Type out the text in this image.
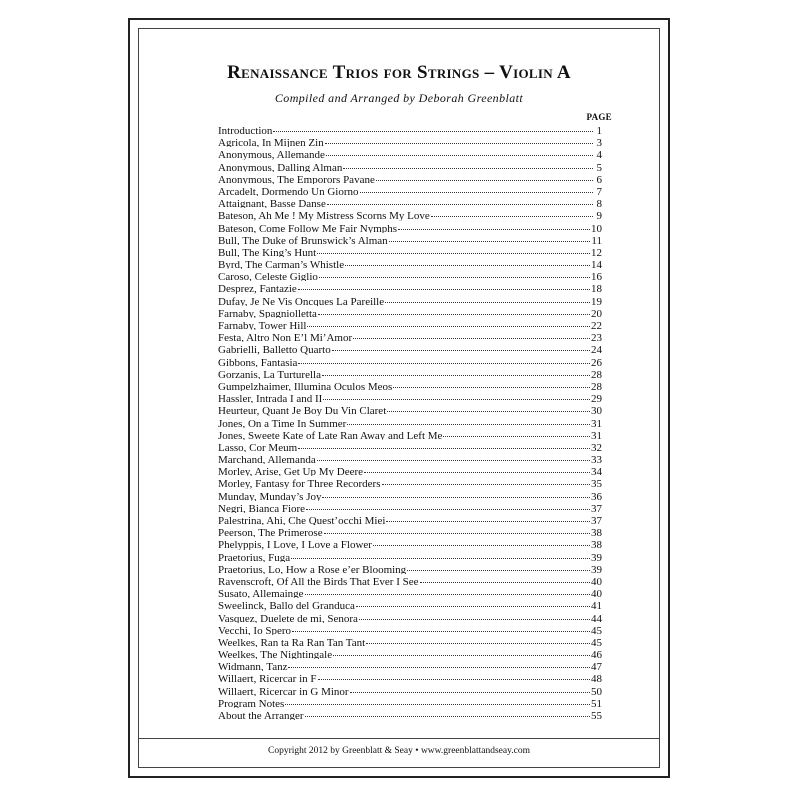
Renaissance Trios for Strings – Violin A
Compiled and Arranged by Deborah Greenblatt
PAGE
Introduction	1
Agricola, In Mijnen Zin	3
Anonymous, Allemande	4
Anonymous, Dalling Alman	5
Anonymous, The Emporors Pavane	6
Arcadelt, Dormendo Un Giorno	7
Attaignant, Basse Danse	8
Bateson, Ah Me ! My Mistress Scorns My Love	9
Bateson, Come Follow Me Fair Nymphs	10
Bull, The Duke of Brunswick’s Alman	11
Bull, The King’s Hunt	12
Byrd, The Carman’s Whistle	14
Caroso, Celeste Giglio	16
Desprez, Fantazie	18
Dufay, Je Ne Vis Oncques La Pareille	19
Farnaby, Spagniolletta	20
Farnaby, Tower Hill	22
Festa, Altro Non E’l Mi’Amor	23
Gabrielli, Balletto Quarto	24
Gibbons, Fantasia	26
Gorzanis, La Turturella	28
Gumpelzhaimer, Illumina Oculos Meos	28
Hassler, Intrada I and II	29
Heurteur, Quant Je Boy Du Vin Claret	30
Jones, On a Time In Summer	31
Jones, Sweete Kate of Late Ran Away and Left Me	31
Lasso, Cor Meum	32
Marchand, Allemanda	33
Morley, Arise, Get Up My Deere	34
Morley, Fantasy for Three Recorders	35
Munday, Munday’s Joy	36
Negri, Bianca Fiore	37
Palestrina, Ahi, Che Quest’occhi Miei	37
Peerson, The Primerose	38
Phelyppis, I Love, I Love a Flower	38
Praetorius, Fuga	39
Praetorius, Lo, How a Rose e’er Blooming	39
Ravenscroft, Of All the Birds That Ever I See	40
Susato, Allemainge	40
Sweelinck, Ballo del Granduca	41
Vasquez, Duelete de mi, Senora	44
Vecchi, Io Spero	45
Weelkes, Ran ta Ra Ran Tan Tant	45
Weelkes, The Nightingale	46
Widmann, Tanz	47
Willaert, Ricercar in F	48
Willaert, Ricercar in G Minor	50
Program Notes	51
About the Arranger	55
Copyright 2012 by Greenblatt & Seay • www.greenblattandseay.com
